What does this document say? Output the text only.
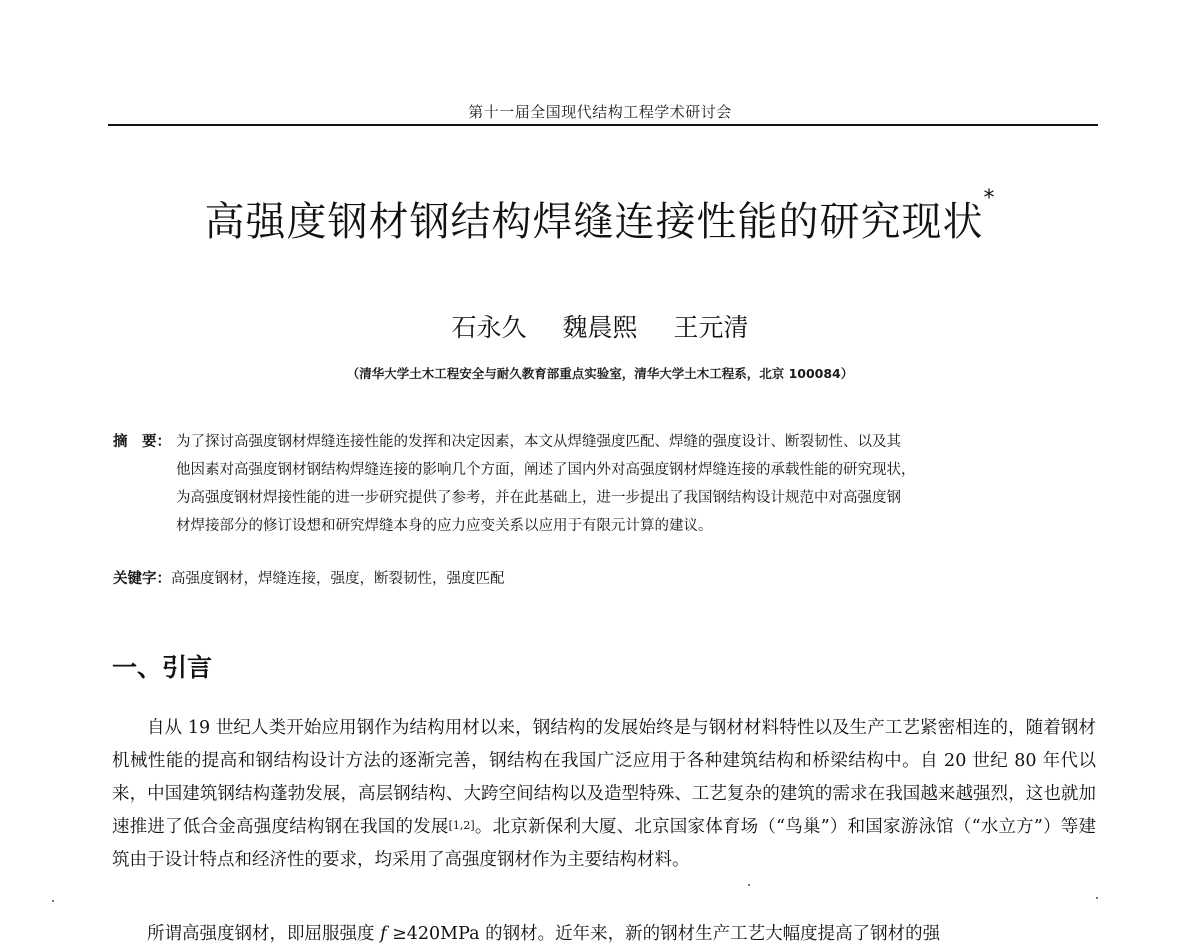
第十一届全国现代结构工程学术研讨会
高强度钢材钢结构焊缝连接性能的研究现状*
石永久 魏晨熙 王元清
（清华大学土木工程安全与耐久教育部重点实验室，清华大学土木工程系，北京 100084）
摘　要： 为了探讨高强度钢材焊缝连接性能的发挥和决定因素，本文从焊缝强度匹配、焊缝的强度设计、断裂韧性、以及其
他因素对高强度钢材钢结构焊缝连接的影响几个方面，阐述了国内外对高强度钢材焊缝连接的承载性能的研究现状，
为高强度钢材焊接性能的进一步研究提供了参考，并在此基础上，进一步提出了我国钢结构设计规范中对高强度钢
材焊接部分的修订设想和研究焊缝本身的应力应变关系以应用于有限元计算的建议。
关键字：高强度钢材，焊缝连接，强度，断裂韧性，强度匹配
一、引言

自从 19 世纪人类开始应用钢作为结构用材以来，钢结构的发展始终是与钢材材料特性以及生产工艺紧密相连的，随着钢材机械性能的提高和钢结构设计方法的逐渐完善，钢结构在我国广泛应用于各种建筑结构和桥梁结构中。自 20 世纪 80 年代以来，中国建筑钢结构蓬勃发展，高层钢结构、大跨空间结构以及造型特殊、工艺复杂的建筑的需求在我国越来越强烈，这也就加速推进了低合金高强度结构钢在我国的发展[1,2]。北京新保利大厦、北京国家体育场（“鸟巢”）和国家游泳馆（“水立方”）等建筑由于设计特点和经济性的要求，均采用了高强度钢材作为主要结构材料。

所谓高强度钢材，即屈服强度 f ≥420MPa 的钢材。近年来，新的钢材生产工艺大幅度提高了钢材的强
